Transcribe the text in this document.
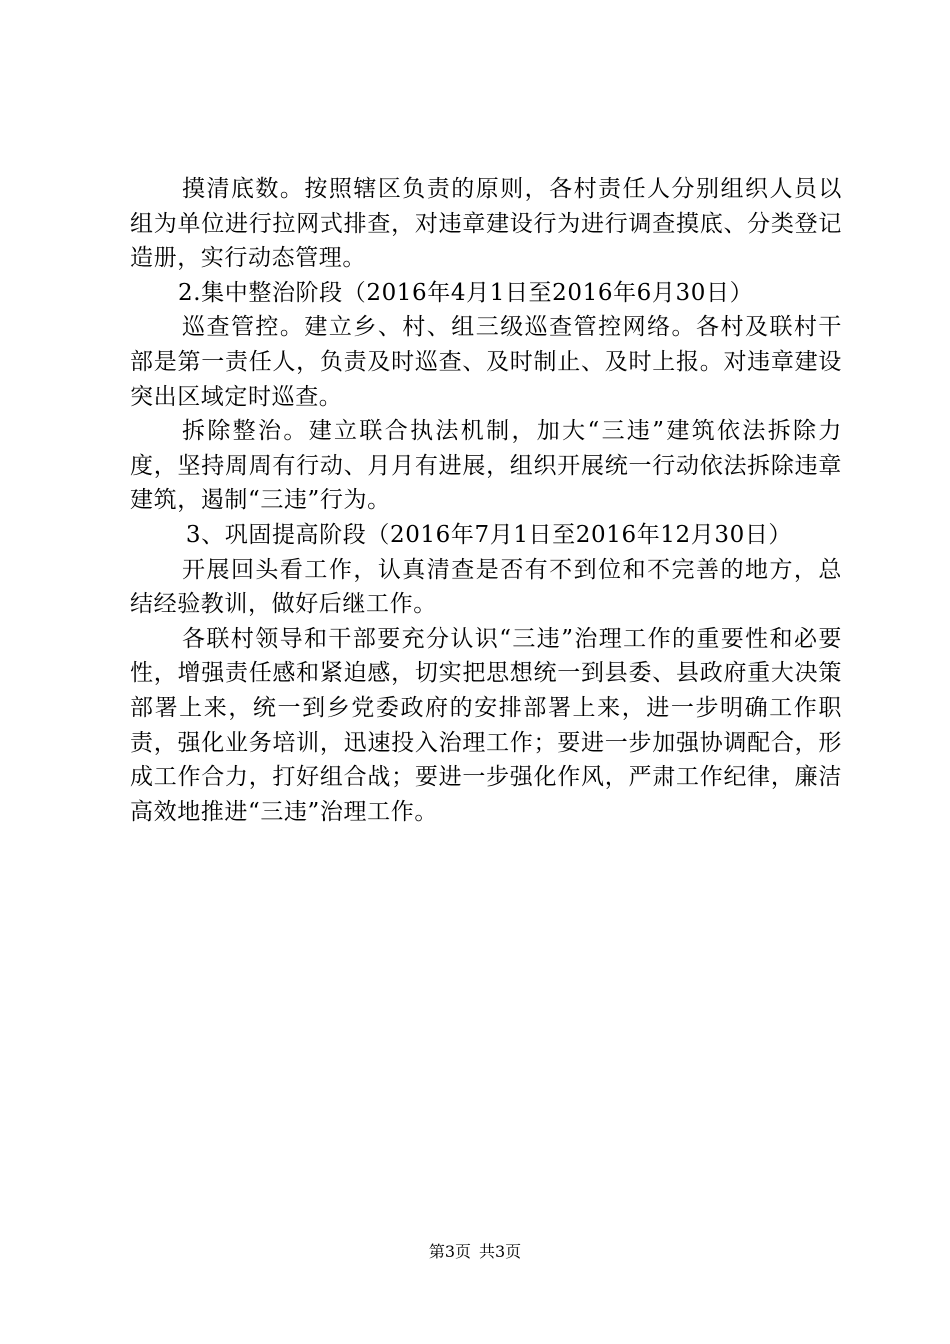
摸清底数。按照辖区负责的原则，各村责任人分别组织人员以组为单位进行拉网式排查，对违章建设行为进行调查摸底、分类登记造册，实行动态管理。

2.集中整治阶段（2016年4月1日至2016年6月30日）

巡查管控。建立乡、村、组三级巡查管控网络。各村及联村干部是第一责任人，负责及时巡查、及时制止、及时上报。对违章建设突出区域定时巡查。

拆除整治。建立联合执法机制，加大“三违”建筑依法拆除力度，坚持周周有行动、月月有进展，组织开展统一行动依法拆除违章建筑，遏制“三违”行为。

3、巩固提高阶段（2016年7月1日至2016年12月30日）

开展回头看工作，认真清查是否有不到位和不完善的地方，总结经验教训，做好后继工作。

各联村领导和干部要充分认识“三违”治理工作的重要性和必要性，增强责任感和紧迫感，切实把思想统一到县委、县政府重大决策部署上来，统一到乡党委政府的安排部署上来，进一步明确工作职责，强化业务培训，迅速投入治理工作；要进一步加强协调配合，形成工作合力，打好组合战；要进一步强化作风，严肃工作纪律，廉洁高效地推进“三违”治理工作。

第3页 共3页
